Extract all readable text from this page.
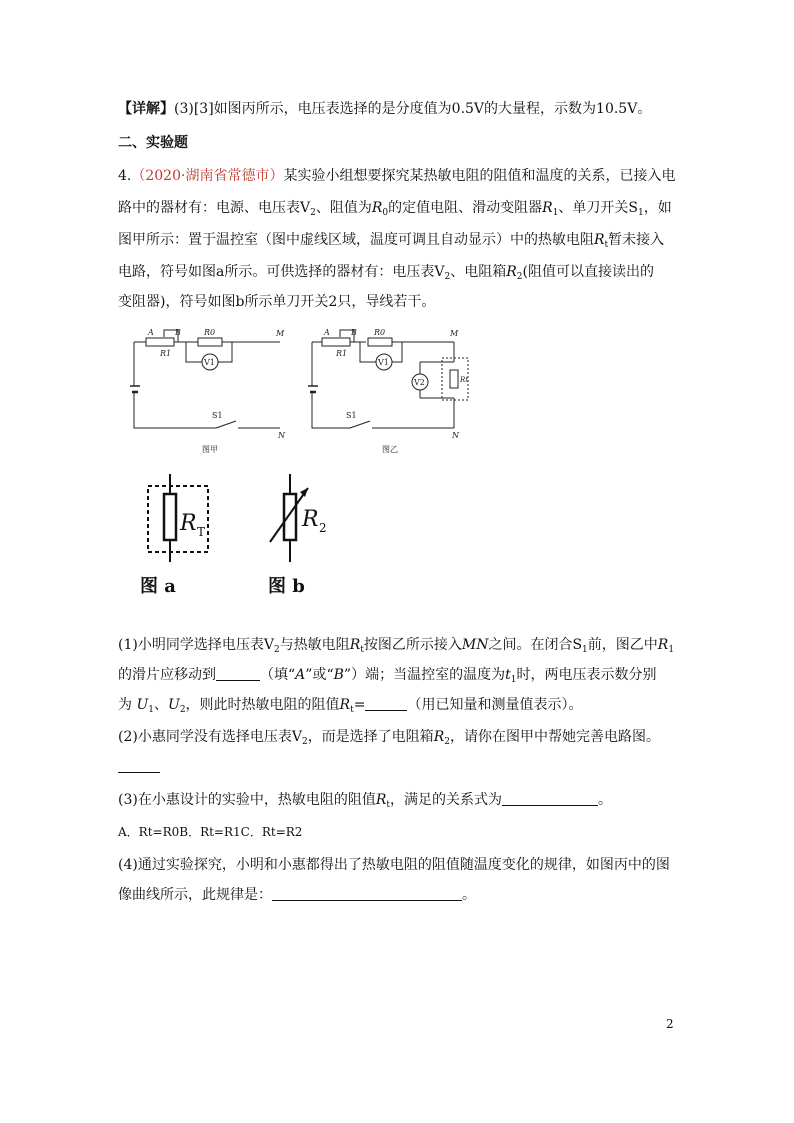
【详解】(3)[3]如图丙所示，电压表选择的是分度值为0.5V的大量程，示数为10.5V。
二、实验题
4.（2020·湖南省常德市）某实验小组想要探究某热敏电阻的阻值和温度的关系，已接入电
路中的器材有：电源、电压表$V_2$、阻值为$R_0$的定值电阻、滑动变阻器$R_1$、单刀开关$S_1$，如
图甲所示：置于温控室（图中虚线区域，温度可调且自动显示）中的热敏电阻$R_t$暂未接入
电路，符号如图a所示。可供选择的器材有：电压表$V_2$、电阻箱$R_2$(阻值可以直接读出的
变阻器)，符号如图b所示单刀开关2只，导线若干。
A	B
R1
R0
V1
M
N
S1
图甲
A	B
R1
R0
V1
V2	Rt
M
N
S1
图乙
R T	R 2
图 a	图 b
(1)小明同学选择电压表$V_2$与热敏电阻$R_t$按图乙所示接入MN之间。在闭合$S_1$前，图乙中$R_1$
的滑片应移动到	（填“A”或“B”）端；当温控室的温度为$t_1$时，两电压表示数分别
为 $U_1$、$U_2$，则此时热敏电阻的阻值$R_t=$	（用已知量和测量值表示）。
(2)小惠同学没有选择电压表$V_2$，而是选择了电阻箱$R_2$，请你在图甲中帮她完善电路图。
(3)在小惠设计的实验中，热敏电阻的阻值$R_t$，满足的关系式为	。
A．Rt=R0B．Rt=R1C．Rt=R2
(4)通过实验探究，小明和小惠都得出了热敏电阻的阻值随温度变化的规律，如图丙中的图
像曲线所示，此规律是：	。
2
